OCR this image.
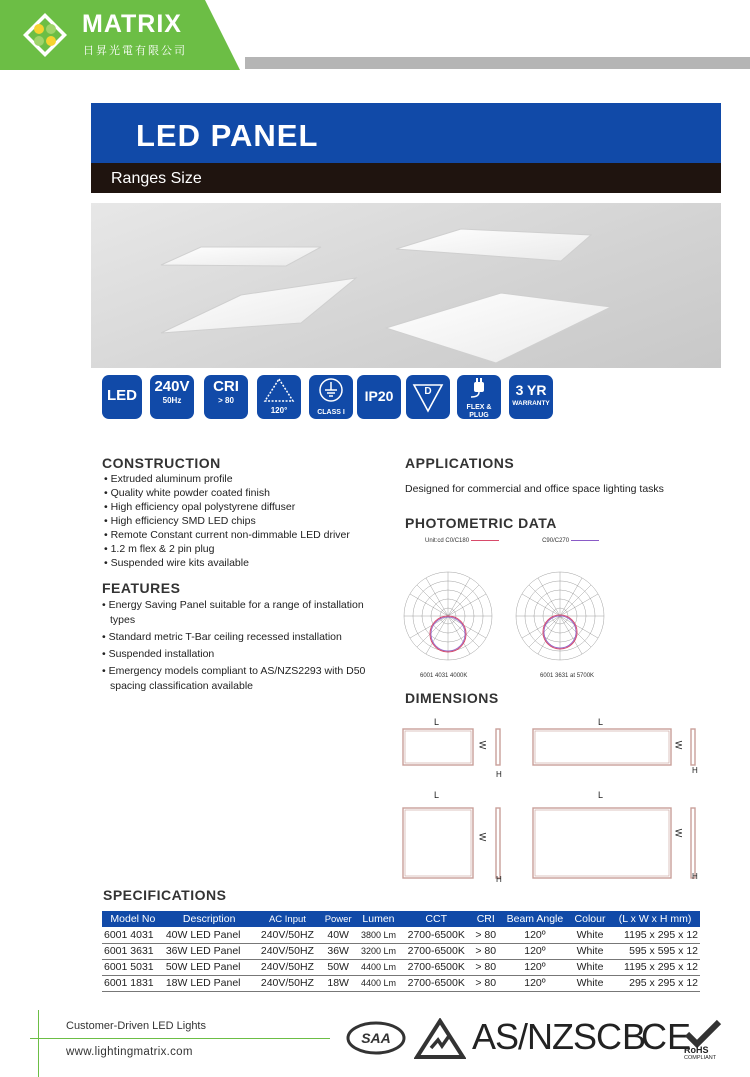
MATRIX
日昇光電有限公司
LED PANEL
Ranges Size
LED
240V
50Hz
CRI
> 80
120°	CLASS I
IP20	D
FLEX & PLUG
3 YR
WARRANTY
CONSTRUCTION
• Extruded aluminum profile
• Quality white powder coated finish
• High efficiency opal polystyrene diffuser
• High efficiency SMD LED chips
• Remote Constant current non-dimmable LED driver
• 1.2 m flex & 2 pin plug
• Suspended wire kits available
FEATURES
• Energy Saving Panel suitable for a range of installation types
• Standard metric T-Bar ceiling recessed installation
• Suspended installation
• Emergency models compliant to AS/NZS2293 with D50 spacing classification available
APPLICATIONS
Designed for commercial and office space lighting tasks
PHOTOMETRIC DATA
Unit:cd C0/C180	C90/C270
6001 4031 4000K	6001 3631 at 5700K
DIMENSIONS
L
W
H
L
W
H
L
W
H
L
W
H
SPECIFICATIONS
Model No	Description	AC Input	Power	Lumen	CCT	CRI	Beam Angle	Colour	(L x W x H mm)
6001 4031	40W LED Panel	240V/50HZ	40W	3800 Lm	2700-6500K	> 80	120º	White	1195 x 295 x 12
6001 3631	36W LED Panel	240V/50HZ	36W	3200 Lm	2700-6500K	> 80	120º	White	595 x 595 x 12
6001 5031	50W LED Panel	240V/50HZ	50W	4400 Lm	2700-6500K	> 80	120º	White	1195 x 295 x 12
6001 1831	18W LED Panel	240V/50HZ	18W	4400 Lm	2700-6500K	> 80	120º	White	295 x 295 x 12
Customer-Driven LED Lights
www.lightingmatrix.com
SAA AS/NZS CB
CE
RoHS
COMPLIANT
